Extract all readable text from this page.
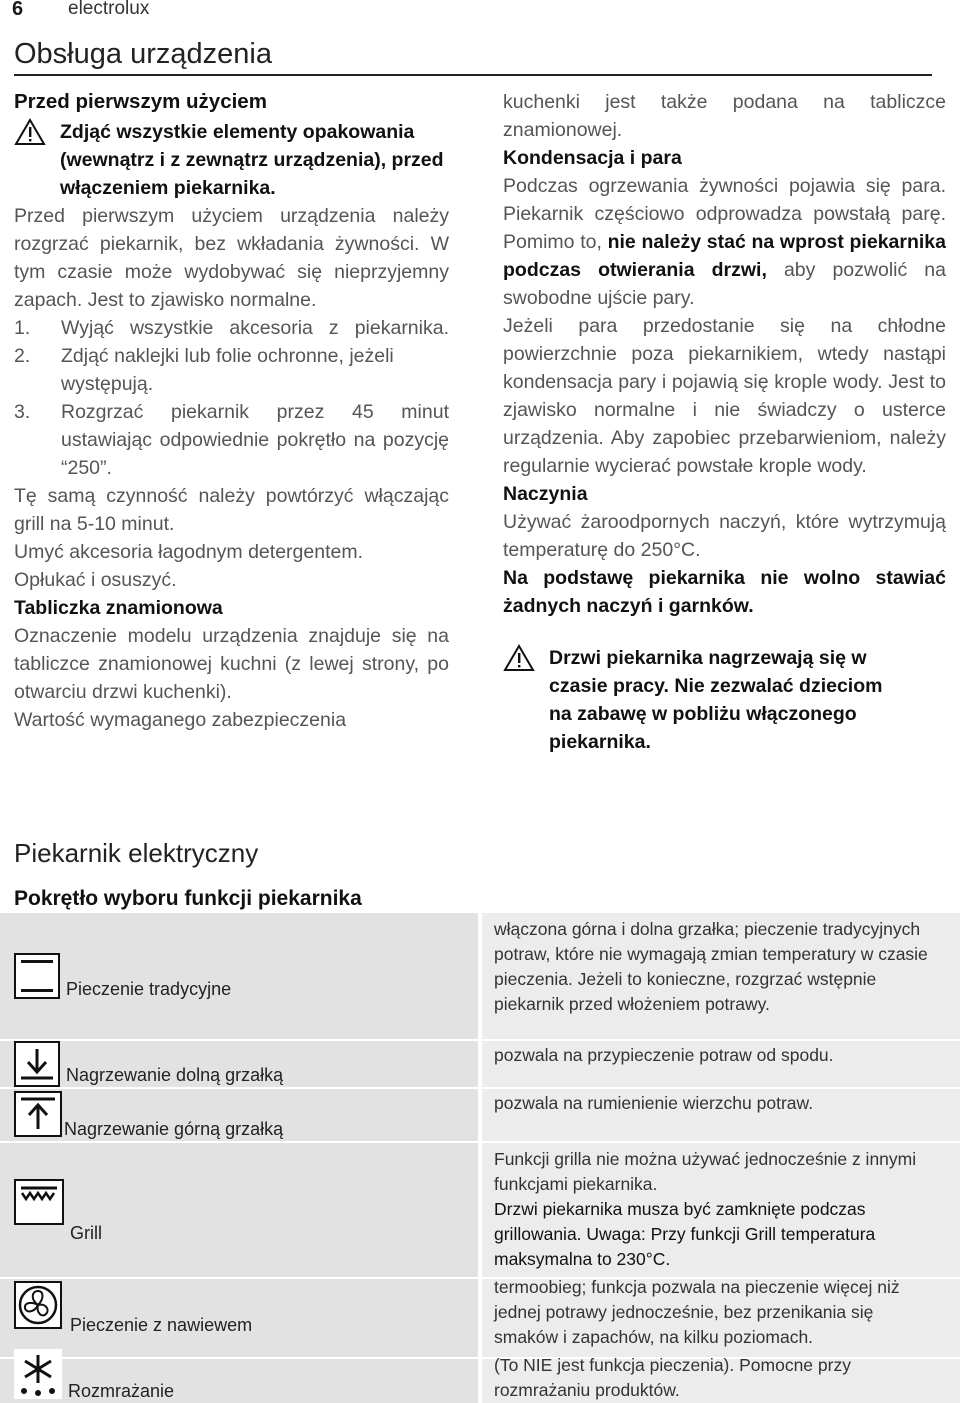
6 electrolux
Obsługa urządzenia

Przed pierwszym użyciem

Zdjąć wszystkie elementy opakowania (wewnątrz i z zewnątrz urządzenia), przed włączeniem piekarnika.

Przed pierwszym użyciem urządzenia należy rozgrzać piekarnik, bez wkładania żywności. W tym czasie może wydobywać się nieprzyjemny zapach. Jest to zjawisko normalne.

1.	Wyjąć wszystkie akcesoria z piekarnika.
2.	Zdjąć naklejki lub folie ochronne, jeżeli występują.
3.	Rozgrzać piekarnik przez 45 minut ustawiając odpowiednie pokrętło na pozycję “250”.

Tę samą czynność należy powtórzyć włączając grill na 5-10 minut.

Umyć akcesoria łagodnym detergentem.

Opłukać i osuszyć.

Tabliczka znamionowa

Oznaczenie modelu urządzenia znajduje się na tabliczce znamionowej kuchni (z lewej strony, po otwarciu drzwi kuchenki).

Wartość wymaganego zabezpieczenia

kuchenki jest także podana na tabliczce znamionowej.

Kondensacja i para

Podczas ogrzewania żywności pojawia się para. Piekarnik częściowo odprowadza powstałą parę. Pomimo to, nie należy stać na wprost piekarnika podczas otwierania drzwi, aby pozwolić na swobodne ujście pary.

Jeżeli para przedostanie się na chłodne powierzchnie poza piekarnikiem, wtedy nastąpi kondensacja pary i pojawią się krople wody. Jest to zjawisko normalne i nie świadczy o usterce urządzenia. Aby zapobiec przebarwieniom, należy regularnie wycierać powstałe krople wody.

Naczynia

Używać żaroodpornych naczyń, które wytrzymują temperaturę do 250°C.

Na podstawę piekarnika nie wolno stawiać żadnych naczyń i garnków.

Drzwi piekarnika nagrzewają się w czasie pracy. Nie zezwalać dzieciom na zabawę w pobliżu włączonego piekarnika.
Piekarnik elektryczny
Pokrętło wyboru funkcji piekarnika
Pieczenie tradycyjne
włączona górna i dolna grzałka; pieczenie tradycyjnych potraw, które nie wymagają zmian temperatury w czasie pieczenia. Jeżeli to konieczne, rozgrzać wstępnie piekarnik przed włożeniem potrawy.
Nagrzewanie dolną grzałką
pozwala na przypieczenie potraw od spodu.
Nagrzewanie górną grzałką
pozwala na rumienienie wierzchu potraw.
Grill
Funkcji grilla nie można używać jednocześnie z innymi funkcjami piekarnika.
Drzwi piekarnika musza być zamknięte podczas grillowania. Uwaga: Przy funkcji Grill temperatura maksymalna to 230°C.
Pieczenie z nawiewem
termoobieg; funkcja pozwala na pieczenie więcej niż jednej potrawy jednocześnie, bez przenikania się smaków i zapachów, na kilku poziomach.
Rozmrażanie
(To NIE jest funkcja pieczenia). Pomocne przy rozmrażaniu produktów.
